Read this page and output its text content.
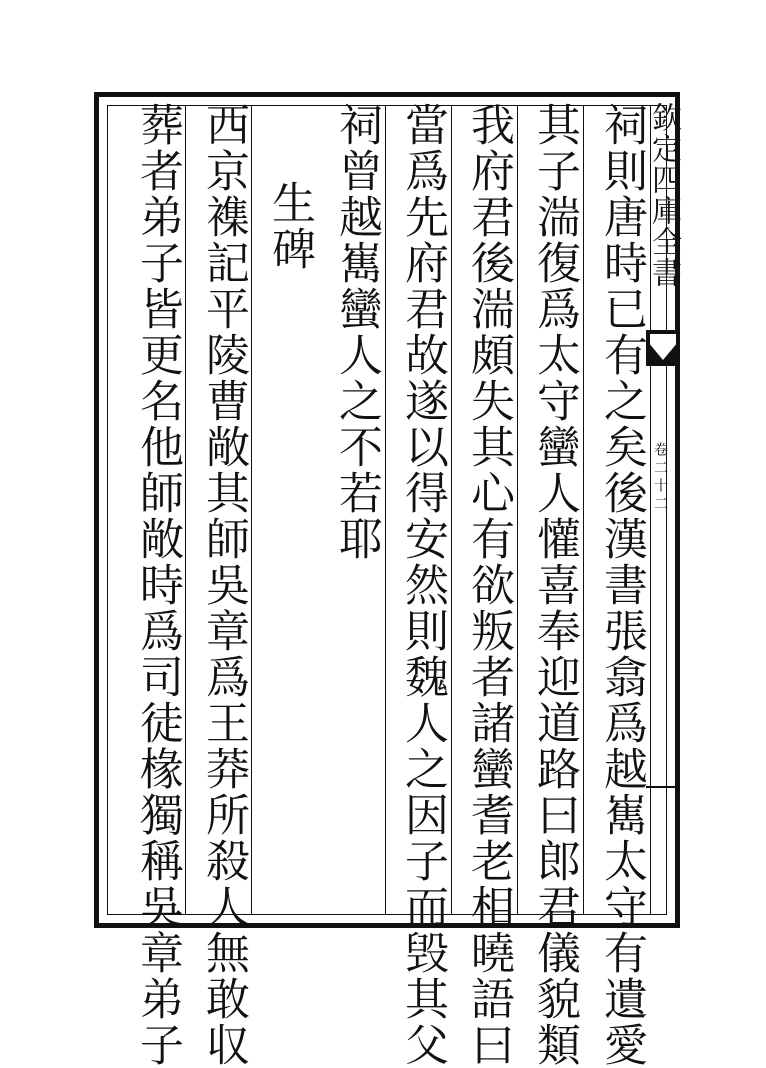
欽定四庫全書
卷二十二
祠則唐時已有之矣後漢書張翕爲越嶲太守有遺愛
其子湍復爲太守蠻人懽喜奉迎道路曰郎君儀貌類
我府君後湍頗失其心有欲叛者諸蠻耆老相曉語曰
當爲先府君故遂以得安然則魏人之因子而毁其父
祠曾越嶲蠻人之不若耶
生碑
西京襍記平陵曹敞其師吳章爲王莽所殺人無敢収
葬者弟子皆更名他師敞時爲司徒椽獨稱吳章弟子
